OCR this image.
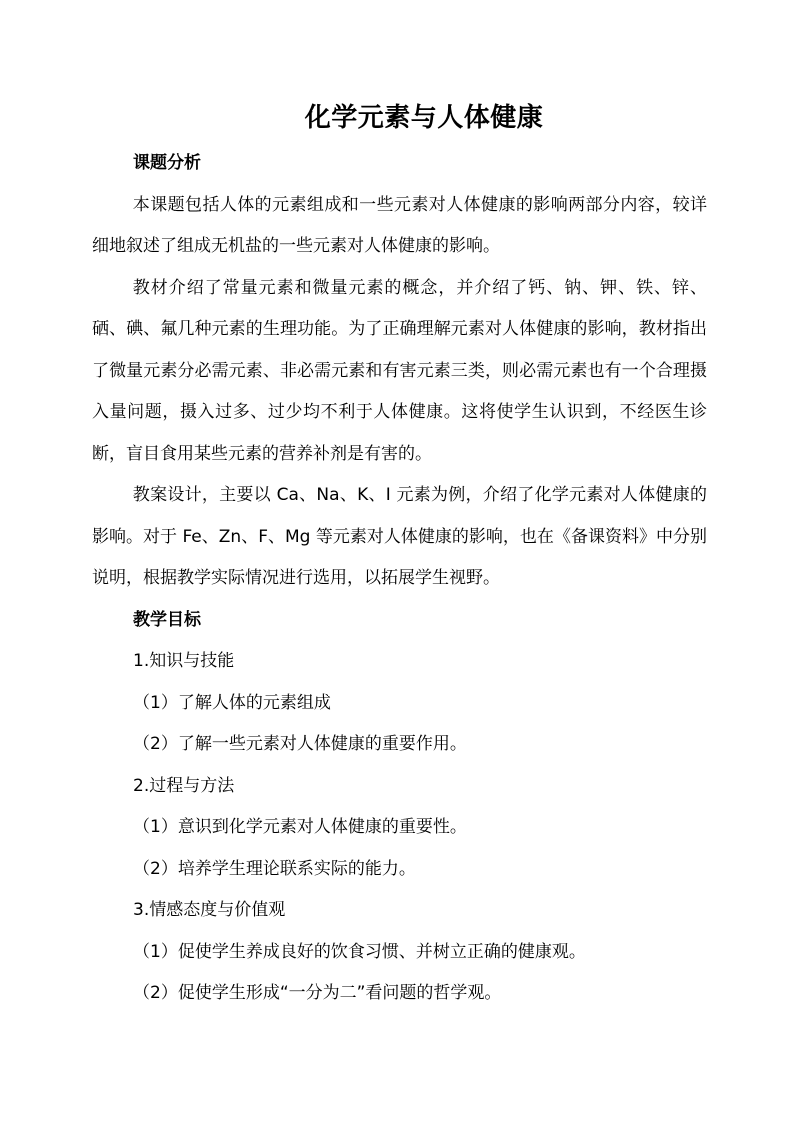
化学元素与人体健康

课题分析

本课题包括人体的元素组成和一些元素对人体健康的影响两部分内容，较详细地叙述了组成无机盐的一些元素对人体健康的影响。

教材介绍了常量元素和微量元素的概念，并介绍了钙、钠、钾、铁、锌、硒、碘、氟几种元素的生理功能。为了正确理解元素对人体健康的影响，教材指出了微量元素分必需元素、非必需元素和有害元素三类，则必需元素也有一个合理摄入量问题，摄入过多、过少均不利于人体健康。这将使学生认识到，不经医生诊断，盲目食用某些元素的营养补剂是有害的。

教案设计，主要以 Ca、Na、K、I 元素为例，介绍了化学元素对人体健康的影响。对于 Fe、Zn、F、Mg 等元素对人体健康的影响，也在《备课资料》中分别说明，根据教学实际情况进行选用，以拓展学生视野。

教学目标

1.知识与技能

（1）了解人体的元素组成

（2）了解一些元素对人体健康的重要作用。

2.过程与方法

（1）意识到化学元素对人体健康的重要性。

（2）培养学生理论联系实际的能力。

3.情感态度与价值观

（1）促使学生养成良好的饮食习惯、并树立正确的健康观。

（2）促使学生形成“一分为二”看问题的哲学观。
